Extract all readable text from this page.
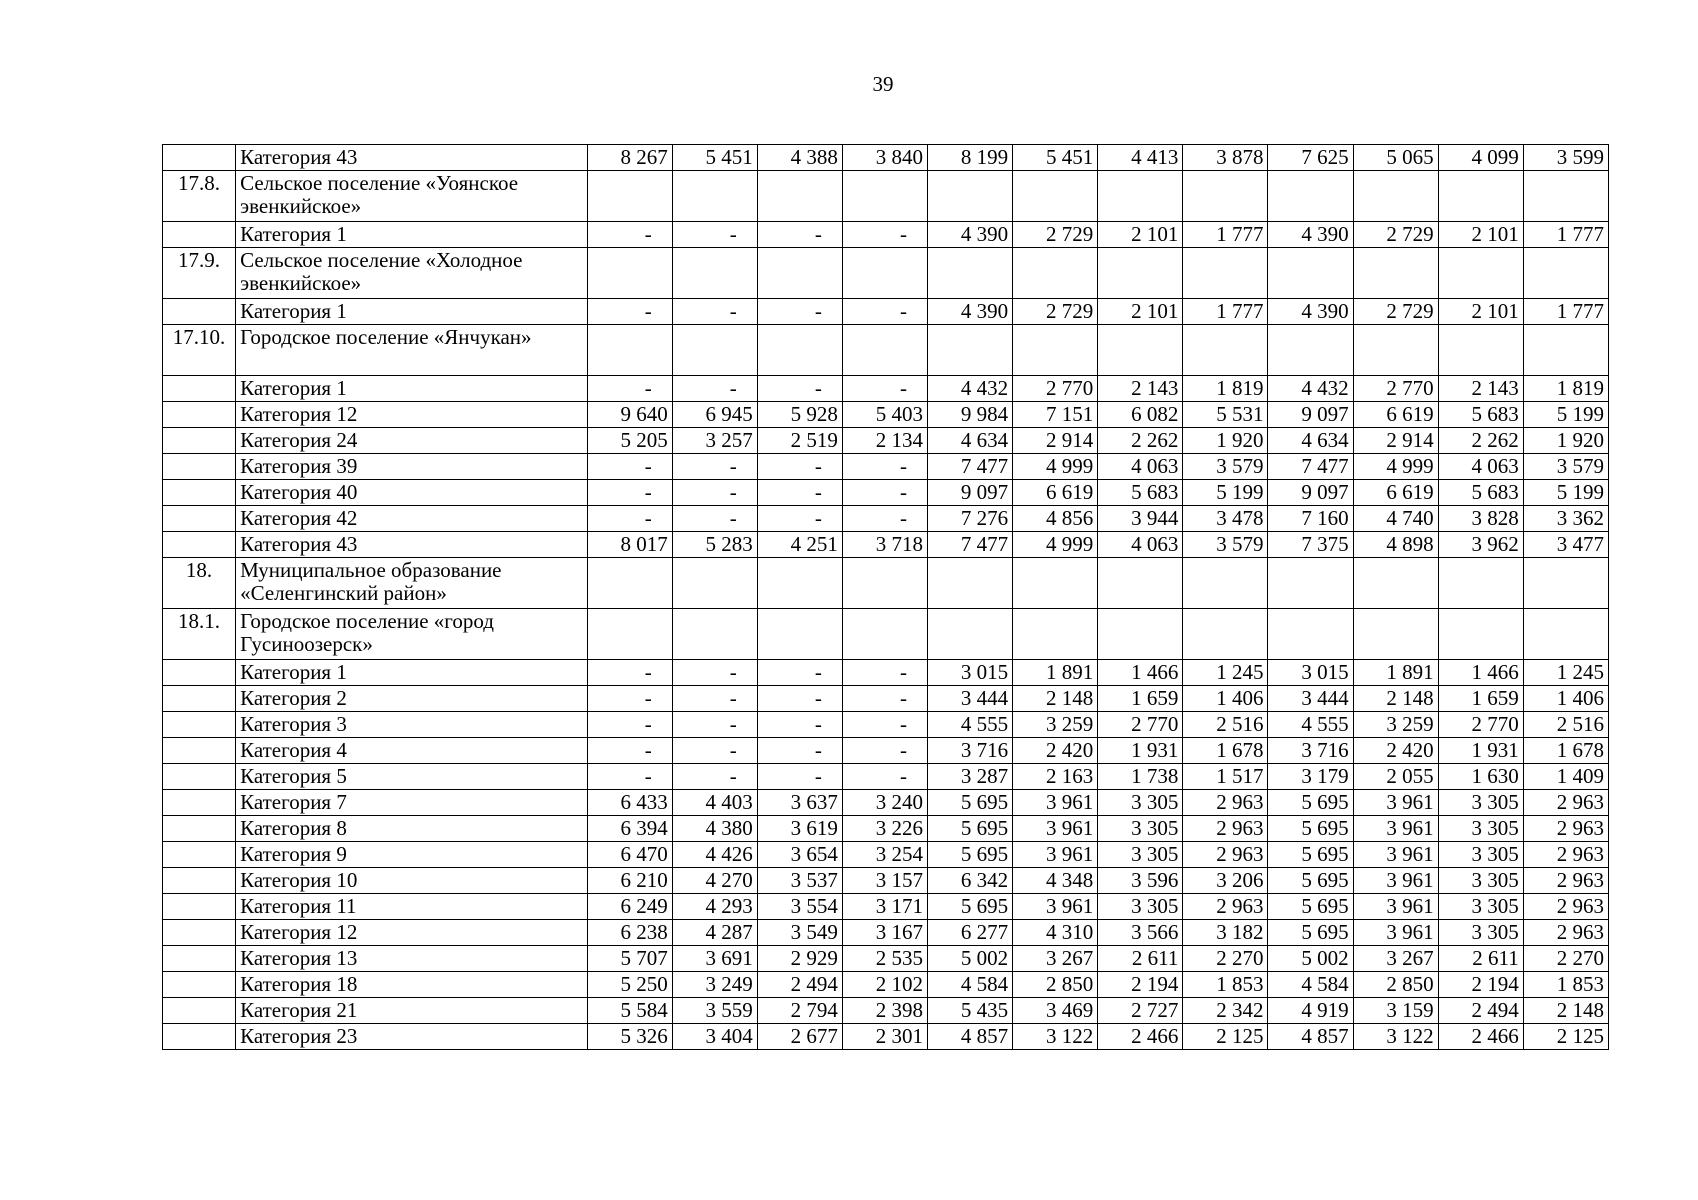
39
	Категория 43	8 267	5 451	4 388	3 840	8 199	5 451	4 413	3 878	7 625	5 065	4 099	3 599
17.8.	Сельское поселение «Уоянское эвенкийское»												
	Категория 1	-	-	-	-	4 390	2 729	2 101	1 777	4 390	2 729	2 101	1 777
17.9.	Сельское поселение «Холодное эвенкийское»												
	Категория 1	-	-	-	-	4 390	2 729	2 101	1 777	4 390	2 729	2 101	1 777
17.10.	Городское поселение «Янчукан»												
	Категория 1	-	-	-	-	4 432	2 770	2 143	1 819	4 432	2 770	2 143	1 819
	Категория 12	9 640	6 945	5 928	5 403	9 984	7 151	6 082	5 531	9 097	6 619	5 683	5 199
	Категория 24	5 205	3 257	2 519	2 134	4 634	2 914	2 262	1 920	4 634	2 914	2 262	1 920
	Категория 39	-	-	-	-	7 477	4 999	4 063	3 579	7 477	4 999	4 063	3 579
	Категория 40	-	-	-	-	9 097	6 619	5 683	5 199	9 097	6 619	5 683	5 199
	Категория 42	-	-	-	-	7 276	4 856	3 944	3 478	7 160	4 740	3 828	3 362
	Категория 43	8 017	5 283	4 251	3 718	7 477	4 999	4 063	3 579	7 375	4 898	3 962	3 477
18.	Муниципальное образование «Селенгинский район»												
18.1.	Городское поселение «город Гусиноозерск»												
	Категория 1	-	-	-	-	3 015	1 891	1 466	1 245	3 015	1 891	1 466	1 245
	Категория 2	-	-	-	-	3 444	2 148	1 659	1 406	3 444	2 148	1 659	1 406
	Категория 3	-	-	-	-	4 555	3 259	2 770	2 516	4 555	3 259	2 770	2 516
	Категория 4	-	-	-	-	3 716	2 420	1 931	1 678	3 716	2 420	1 931	1 678
	Категория 5	-	-	-	-	3 287	2 163	1 738	1 517	3 179	2 055	1 630	1 409
	Категория 7	6 433	4 403	3 637	3 240	5 695	3 961	3 305	2 963	5 695	3 961	3 305	2 963
	Категория 8	6 394	4 380	3 619	3 226	5 695	3 961	3 305	2 963	5 695	3 961	3 305	2 963
	Категория 9	6 470	4 426	3 654	3 254	5 695	3 961	3 305	2 963	5 695	3 961	3 305	2 963
	Категория 10	6 210	4 270	3 537	3 157	6 342	4 348	3 596	3 206	5 695	3 961	3 305	2 963
	Категория 11	6 249	4 293	3 554	3 171	5 695	3 961	3 305	2 963	5 695	3 961	3 305	2 963
	Категория 12	6 238	4 287	3 549	3 167	6 277	4 310	3 566	3 182	5 695	3 961	3 305	2 963
	Категория 13	5 707	3 691	2 929	2 535	5 002	3 267	2 611	2 270	5 002	3 267	2 611	2 270
	Категория 18	5 250	3 249	2 494	2 102	4 584	2 850	2 194	1 853	4 584	2 850	2 194	1 853
	Категория 21	5 584	3 559	2 794	2 398	5 435	3 469	2 727	2 342	4 919	3 159	2 494	2 148
	Категория 23	5 326	3 404	2 677	2 301	4 857	3 122	2 466	2 125	4 857	3 122	2 466	2 125
